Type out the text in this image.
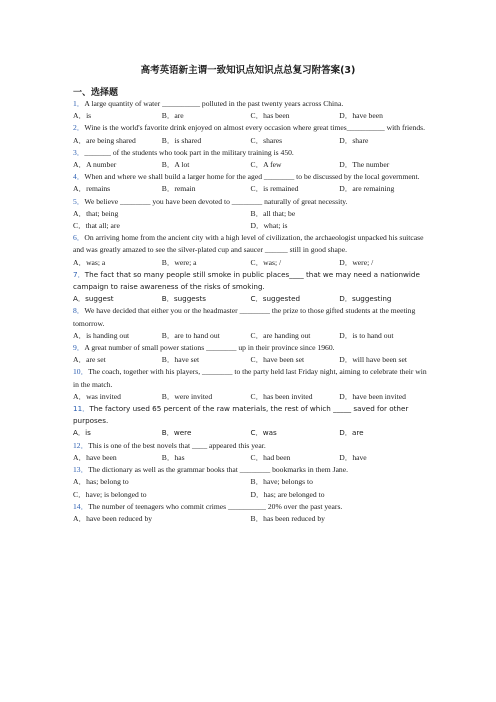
高考英语新主谓一致知识点知识点总复习附答案(3)
一、选择题
1．A large quantity of water __________ polluted in the past twenty years across China.
A．is	B．are	C．has been	D．have been
2．Wine is the world's favorite drink enjoyed on almost every occasion where great times__________ with friends.
A．are being shared	B．is shared	C．shares	D．share
3．_______ of the students who took part in the military training is 450.
A．A number	B．A lot	C．A few	D．The number
4．When and where we shall build a larger home for the aged ________ to be discussed by the local government.
A．remains	B．remain	C．is remained	D．are remaining
5．We believe ________ you have been devoted to ________ naturally of great necessity.
A．that; being	B．all that; be
C．that all; are	D．what; is
6．On arriving home from the ancient city with a high level of civilization, the archaeologist unpacked his suitcase and was greatly amazed to see the silver-plated cup and saucer ______ still in good shape.
A．was; a	B．were; a	C．was; /	D．were; /
7．The fact that so many people still smoke in public places____ that we may need a nationwide campaign to raise awareness of the risks of smoking.
A．suggest	B．suggests	C．suggested	D．suggesting
8．We have decided that either you or the headmaster ________ the prize to those gifted students at the meeting tomorrow.
A．is handing out	B．are to hand out	C．are handing out	D．is to hand out
9．A great number of small power stations ________ up in their province since 1960.
A．are set	B．have set	C．have been set	D．will have been set
10．The coach, together with his players, ________ to the party held last Friday night, aiming to celebrate their win in the match.
A．was invited	B．were invited	C．has been invited	D．have been invited
11．The factory used 65 percent of the raw materials, the rest of which _____ saved for other purposes.
A．is	B．were	C．was	D．are
12．This is one of the best novels that ____ appeared this year.
A．have been	B．has	C．had been	D．have
13．The dictionary as well as the grammar books that ________ bookmarks in them Jane.
A．has; belong to	B．have; belongs to
C．have; is belonged to	D．has; are belonged to
14．The number of teenagers who commit crimes __________ 20% over the past years.
A．have been reduced by	B．has been reduced by
